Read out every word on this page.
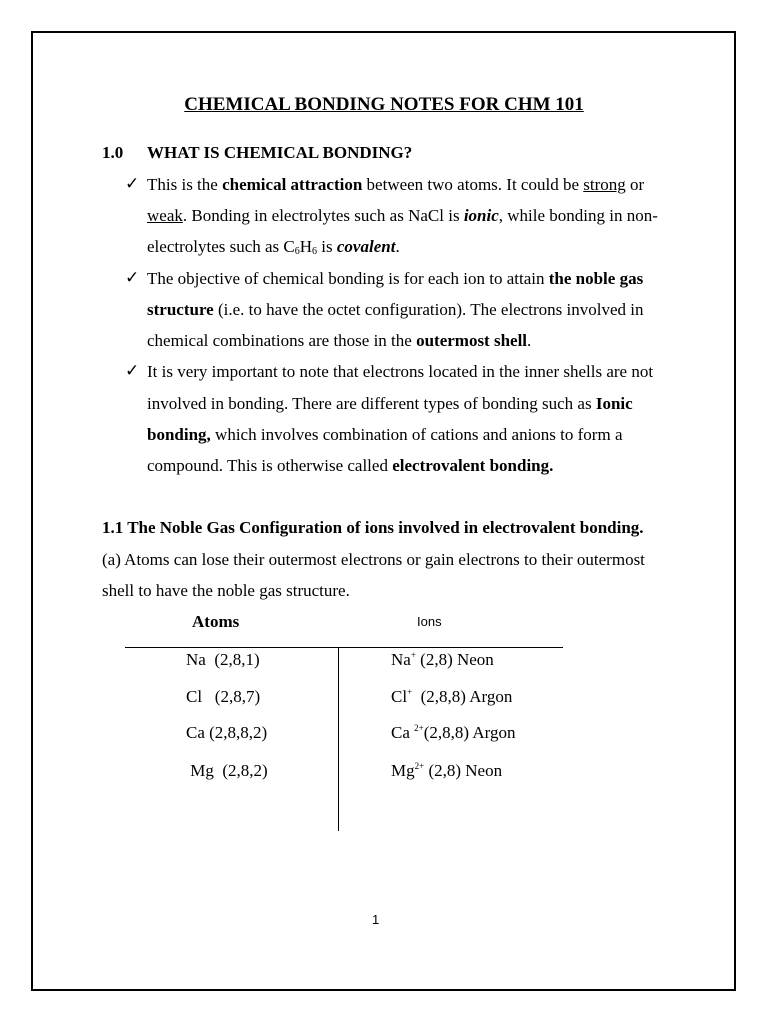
CHEMICAL BONDING NOTES FOR CHM 101
1.0 WHAT IS CHEMICAL BONDING?
✓ This is the chemical attraction between two atoms. It could be strong or
weak. Bonding in electrolytes such as NaCl is ionic, while bonding in non-
electrolytes such as $C_6H_6$ is covalent.
✓ The objective of chemical bonding is for each ion to attain the noble gas
structure (i.e. to have the octet configuration). The electrons involved in
chemical combinations are those in the outermost shell.
✓ It is very important to note that electrons located in the inner shells are not
involved in bonding. There are different types of bonding such as Ionic
bonding, which involves combination of cations and anions to form a
compound. This is otherwise called electrovalent bonding.
1.1 The Noble Gas Configuration of ions involved in electrovalent bonding.
(a) Atoms can lose their outermost electrons or gain electrons to their outermost
shell to have the noble gas structure.
Atoms	Ions
Na  (2,8,1)	Na+ (2,8) Neon
Cl   (2,8,7)	Cl+  (2,8,8) Argon
Ca (2,8,8,2)	Ca $^{2+}$(2,8,8) Argon
Mg  (2,8,2)	$Mg^{2+}$ (2,8) Neon
1
